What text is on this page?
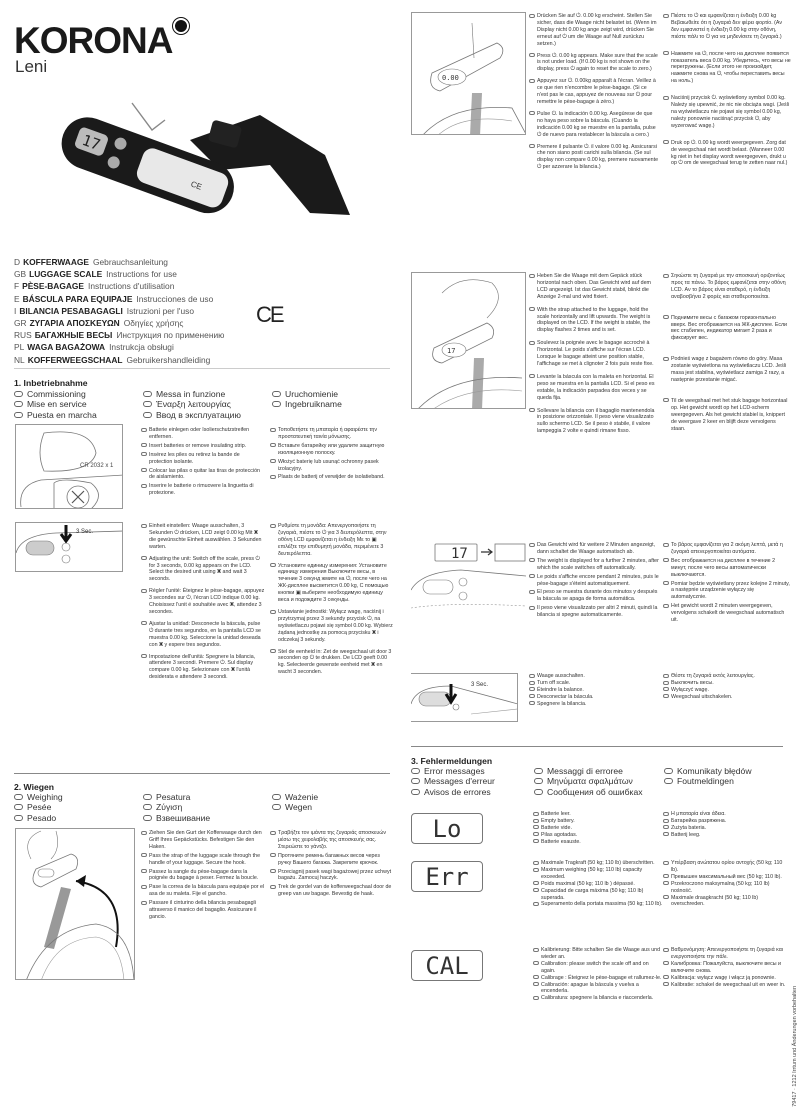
KORONA
Leni
17
CE
D KOFFERWAAGE Gebrauchsanleitung
GB LUGGAGE SCALE Instructions for use
F PÈSE-BAGAGE Instructions d'utilisation
E BÁSCULA PARA EQUIPAJE Instrucciones de uso
I BILANCIA PESABAGAGLI Istruzioni per l'uso
GR ΖΥΓΑΡΙΑ ΑΠΟΣΚΕΥΩΝ Οδηγίες χρήσης
RUS БАГАЖНЫЕ ВЕСЫ Инструкция по применению
PL WAGA BAGAŻOWA Instrukcja obsługi
NL KOFFERWEEGSCHAAL Gebruikershandleiding
CE
1. Inbetriebnahme
Commissioning
Mise en service
Puesta en marcha
Messa in funzione
Έναρξη λειτουργίας
Ввод в эксплуатацию
Uruchomienie
Ingebruikname
CR 2032 x 1

Batterie einlegen oder Isolierschutzstreifen entfernen.

Insert batteries or remove insulating strip.

Insérez les piles ou retirez la bande de protection isolante.

Colocar las pilas o quitar las tiras de protección de aislamiento.

Inserire le batterie o rimuovere la linguetta di protezione.

Τοποθετήστε τη μπαταρία ή αφαιρέστε την προστατευτική ταινία μόνωσης.

Вставьте батарейку или удалите защитную изоляционную полоску.

Włożyć baterię lub usunąć ochronny pasek izolacyjny.

Plaats de batterij of verwijder de isolatieband.

3 Sec.

Einheit einstellen: Waage ausschalten, 3 Sekunden ⏻ drücken, LCD zeigt 0.00 kg Mit ▣ die gewünschte Einheit auswählen. 3 Sekunden warten.

Adjusting the unit: Switch off the scale, press ⏻ for 3 seconds, 0.00 kg appears on the LCD. Select the desired unit using ▣ and wait 3 seconds.

Régler l'unité: Éteignez le pèse-bagage, appuyez 3 secondes sur ⏻, l'écran LCD indique 0.00 kg. Choisissez l'unit é souhaitée avec ▣, attendez 3 secondes.

Ajustar la unidad: Desconecte la báscula, pulse ⏻ durante tres segundos, en la pantalla LCD se muestra 0.00 kg. Seleccione la unidad deseada con ▣ y espere tres segundos.

Impostazione dell'unità: Spegnere la bilancia, attendere 3 secondi. Premere ⏻. Sul display compare 0.00 kg. Selezionare con ▣ l'unità desiderata e attendere 3 secondi.

Ρυθμίστε τη μονάδα: Απενεργοποιήστε τη ζυγαριά, πιέστε το ⏻ για 3 δευτερόλεπτα, στην οθόνη LCD εμφανίζεται η ένδειξη Με το ▣ επιλέξτε την επιθυμητή μονάδα, περιμένετε 3 δευτερόλεπτα.

Установите единицу измерения: Установите единицу измерения Выключите весы, в течение 3 секунд жмите на ⏻, после чего на ЖК-дисплее высветится 0.00 kg, С помощью кнопки ▣ выберите необходимую единицу веса и подождите 3 секунды.

Ustawianie jednostki: Wyłącz wagę, naciśnij i przytrzymaj przez 3 sekundy przycisk ⏻, na wyświetlaczu pojawi się symbol 0.00 kg. Wybierz żądaną jednostkę za pomocą przycisku ▣ i odczekaj 3 sekundy.

Stel de eenheid in: Zet de weegschaal uit door 3 seconden op ⏻ te drukken. De LCD geeft 0.00 kg. Selecteerde gewenste eenheid met ▣ en wacht 3 seconden.

2. Wiegen
Weighing
Pesée
Pesado
Pesatura
Ζύγιση
Взвешивание
Ważenie
Wegen

Ziehen Sie den Gurt der Kofferwaage durch den Griff Ihres Gepäckstücks. Befestigen Sie den Haken.

Pass the strap of the luggage scale through the handle of your luggage. Secure the hook.

Passez la sangle du pèse-bagage dans la poignée du bagage à peser. Fermez la boucle.

Pase la correa de la báscula para equipaje por el asa de su maleta. Fije el gancho.

Passare il cinturino della bilancia pesabagagli attraverso il manico del bagaglio. Assicurare il gancio.

Τραβήξτε τον ιμάντα της ζυγαριάς αποσκευών μέσω της χειρολαβής της αποσκευής σας. Στερεώστε το γάντζο.

Протяните ремень багажных весов через ручку Вашего багажа. Закрепите крючок.

Przeciągnij pasek wagi bagażowej przez uchwyt bagażu. Zamocuj haczyk.

Trek de gordel van de kofferweegschaal door de greep van uw bagage. Bevestig de haak.

0.00

Drücken Sie auf ⏻. 0.00 kg erscheint. Stellen Sie sicher, dass die Waage nicht belastet ist. (Wenn im Display nicht 0.00 kg ange zeigt wird, drücken Sie erneut auf ⏻ um die Waage auf Null zurückzu setzen.)

Press ⏻. 0.00 kg appears. Make sure that the scale is not under load. (If 0.00 kg is not shown on the display, press ⏻ again to reset the scale to zero.)

Appuyez sur ⏻. 0.00kg apparaît à l'écran. Veillez à ce que rien n'encombre le pèse-bagage. (Si ce n'est pas le cas, appuyez de nouveau sur ⏻ pour remettre le pèse-bagage à zéro.)

Pulse ⏻. la indicación 0.00 kg. Asegúrese de que no haya peso sobre la báscula. (Cuando la indicación 0.00 kg se muestre en la pantalla, pulse ⏻ de nuevo para restablecer la báscula a cero.)

Premere il pulsante ⏻. il valore 0.00 kg. Assicurarsi che non siano posti carichi sulla bilancia. (Se sul display non compare 0.00 kg, premere nuovamente ⏻ per azzerare la bilancia.)

Πιέστε το ⏻ και εμφανίζεται η ένδειξη 0.00 kg Βεβαιωθείτε ότι η ζυγαριά δεν φέρει φορτίο. (Αν δεν εμφανιστεί η ένδειξη 0.00 kg στην οθόνη, πιέστε πάλι το ⏻ για να μηδενίσετε τη ζυγαριά.)

Нажмите на ⏻, после чего на дисплее появится показатель веса 0.00 kg. Убедитесь, что весы не перегружены. (Если этого не произойдет, нажмите снова на ⏻, чтобы переставить весы на ноль.)

Naciśnij przycisk ⏻. wyświetlony symbol 0.00 kg. Należy się upewnić, że nic nie obciąża wagi. (Jeśli na wyświetlaczu nie pojawi się symbol 0.00 kg, należy ponownie naciśnąć przycisk ⏻, aby wyzerować wagę.)

Druk op ⏻. 0.00 kg wordt weergegeven. Zorg dat de weegschaal niet wordt belast. (Wanneer 0.00 kg niet in het display wordt weergegeven, drukt u op ⏻ om de weegschaal terug te zetten naar nul.)

17

Heben Sie die Waage mit dem Gepäck stück horizontal nach oben. Das Gewicht wird auf dem LCD angezeigt. Ist das Gewicht stabil, blinkt die Anzeige 2-mal und wird fixiert.

With the strap attached to the luggage, hold the scale horizontally and lift upwards. The weight is displayed on the LCD. If the weight is stable, the display flashes 2 times and is set.

Soulevez la poignée avec le bagage accroché à l'horizontal. Le poids s'affiche sur l'écran LCD. Lorsque le bagage atteint une position stable, l'affichage se met à clignoter 2 fois puis reste fixe.

Levante la báscula con la maleta en horizontal. El peso se muestra en la pantalla LCD. Si el peso es estable, la indicación parpadea dos veces y se queda fija.

Sollevare la bilancia con il bagaglio mantenendola in posizione orizzontale. Il peso viene visualizzato sullo schermo LCD. Se il peso è stabile, il valore lampeggia 2 volte e quindi rimane fisso.

Σηκώστε τη ζυγαριά με την αποσκευή οριζοντίως προς τα πάνω. Το βάρος εμφανίζεται στην οθόνη LCD. Αν το βάρος είναι σταθερό, η ένδειξη αναβοσβήνει 2 φορές και σταθεροποιείται.

Поднимите весы с багажом горизонтально вверх. Вес отображается на ЖК-дисплее. Если вес стабилен, индикатор мигает 2 раза и фиксирует вес.

Podnieś wagę z bagażem równo do góry. Masa zostanie wyświetlona na wyświetlaczu LCD. Jeśli masa jest stabilna, wyświetlacz zamiga 2 razy, a następnie przestanie migać.

Til de weegshaal met het stuk bagage horizontaal op. Het gewicht wordt op het LCD-scherm weergegeven. Als het gewicht stabiel is, knippert de weergave 2 keer en blijft deze vervolgens staan.

17

Das Gewicht wird für weitere 2 Minuten angezeigt, dann schaltet die Waage automatisch ab.

The weight is displayed for a further 2 minutes, after which the scale switches off automatically.

Le poids s'affiche encore pendant 2 minutes, puis le pèse-bagage s'éteint automatiquement.

El peso se muestra durante dos minutos y después la báscula se apaga de forma automática.

Il peso viene visualizzato per altri 2 minuti, quindi la bilancia si spegne automaticamente.

Το βάρος εμφανίζεται για 2 ακόμη λεπτά, μετά η ζυγαριά απενεργοποιείται αυτόματα.

Вес отображается на дисплее в течение 2 минут, после чего весы автоматически выключаются.

Pomiar będzie wyświetlany przez kolejne 2 minuty, a następnie urządzenie wyłączy się automatycznie.

Het gewicht wordt 2 minuten weergegeven, vervolgens schakelt de weegschaal automatisch uit.

3 Sec.

Waage ausschalten.

Turn off scale.

Éteindre la balance.

Desconectar la báscula.

Spegnere la bilancia.

Θέστε τη ζυγαριά εκτός λειτουργίας.

Выключить весы.

Wyłączyć wagę.

Weegschaal uitschakelen.

3. Fehlermeldungen
Error messages
Messages d'erreur
Avisos de errores
Messaggi di erroree
Μηνύματα σφαλμάτων
Сообщения об ошибках
Komunikaty błędów
Foutmeldingen
Lo

Batterie leer.

Empty battery.

Batterie vide.

Pilas agotadas.

Batterie esauste.

Η μπαταρία είναι άδεια.

Батарейка разряжена.

Zużyta bateria.

Batterij leeg.

Err	Maximale Tragkraft (50 kg; 110 lb) überschritten.

Maximum weighing (50 kg; 110 lb) capacity exceeded.

Poids maximal (50 kg; 110 lb ) dépassé.

Capacidad de carga máxima (50 kg; 110 lb) superada.

Superamento della portata massima (50 kg; 110 lb).

Υπέρβαση ανώτατου ορίου αντοχής (50 kg; 110 lb).

Превышен максимальный вес (50 kg; 110 lb).

Przekroczono maksymalną (50 kg; 110 lb) nośność.

Maximale draagkracht (50 kg; 110 lb) overschreden.

CAL

Kalibrierung: Bitte schalten Sie die Waage aus und wieder an.

Calibration: please switch the scale off and on again.

Calibrage : Éteignez le pèse-bagage et rallumez-le.

Calibración: apague la báscula y vuelva a encenderla.

Calibratura: spegnere la bilancia e riaccenderla.

Βαθμονόμηση: Απενεργοποιήστε τη ζυγαριά και ενεργοποιήστε την πάλι.

Калибровка: Пожалуйста, выключите весы и включите снова.

Kalibracja: wyłącz wagę i włącz ją ponownie.

Kalibratie: schakel de weegschaal uit en weer in.

79417 · 1212 Irrtum und Änderungen vorbehalten
